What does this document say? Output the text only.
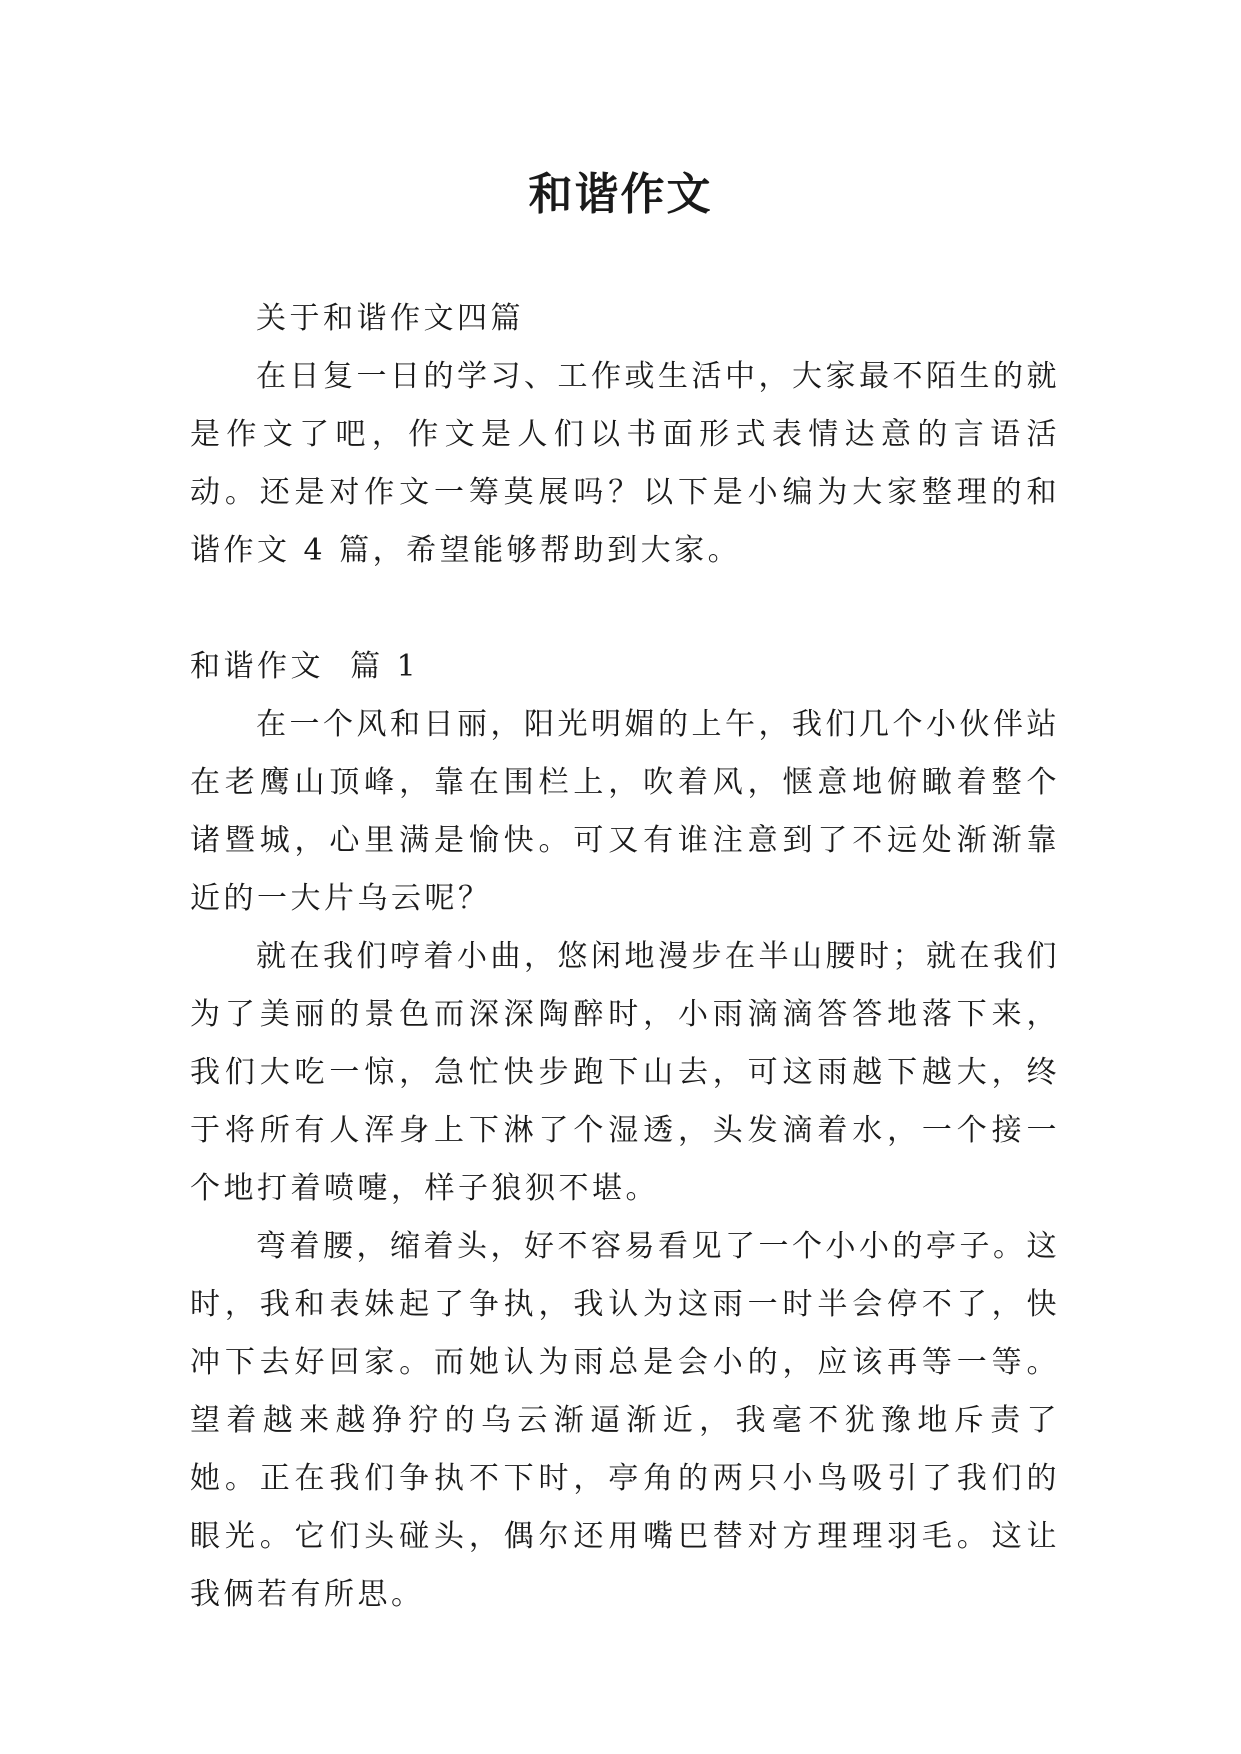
和谐作文

关于和谐作文四篇

在日复一日的学习、工作或生活中，大家最不陌生的就是作文了吧，作文是人们以书面形式表情达意的言语活动。还是对作文一筹莫展吗？以下是小编为大家整理的和谐作文 4 篇，希望能够帮助到大家。

和谐作文  篇 1

在一个风和日丽，阳光明媚的上午，我们几个小伙伴站在老鹰山顶峰，靠在围栏上，吹着风，惬意地俯瞰着整个诸暨城，心里满是愉快。可又有谁注意到了不远处渐渐靠近的一大片乌云呢？

就在我们哼着小曲，悠闲地漫步在半山腰时；就在我们为了美丽的景色而深深陶醉时，小雨滴滴答答地落下来，我们大吃一惊，急忙快步跑下山去，可这雨越下越大，终于将所有人浑身上下淋了个湿透，头发滴着水，一个接一个地打着喷嚏，样子狼狈不堪。

弯着腰，缩着头，好不容易看见了一个小小的亭子。这时，我和表妹起了争执，我认为这雨一时半会停不了，快冲下去好回家。而她认为雨总是会小的，应该再等一等。望着越来越狰狞的乌云渐逼渐近，我毫不犹豫地斥责了她。正在我们争执不下时，亭角的两只小鸟吸引了我们的眼光。它们头碰头，偶尔还用嘴巴替对方理理羽毛。这让我俩若有所思。
